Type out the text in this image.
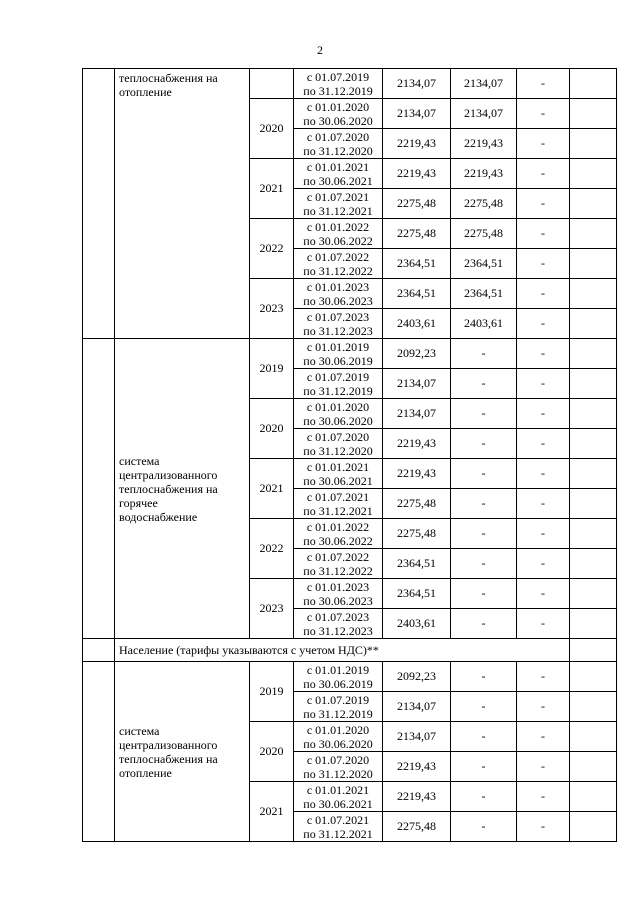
2

	теплоснабжения на
отопление		с 01.07.2019
по 31.12.2019	2134,07	2134,07	-	
		2020	с 01.01.2020
по 30.06.2020	2134,07	2134,07	-	

			с 01.07.2020
по 31.12.2020	2219,43	2219,43	-	
		2021	с 01.01.2021
по 30.06.2021	2219,43	2219,43	-	

			с 01.07.2021
по 31.12.2021	2275,48	2275,48	-	
		2022	с 01.01.2022
по 30.06.2022	2275,48	2275,48	-	

			с 01.07.2022
по 31.12.2022	2364,51	2364,51	-	
		2023	с 01.01.2023
по 30.06.2023	2364,51	2364,51	-	

			с 01.07.2023
по 31.12.2023	2403,61	2403,61	-	

	система
централизованного
теплоснабжения на
горячее
водоснабжение	2019	с 01.01.2019
по 30.06.2019	2092,23	-	-	

			с 01.07.2019
по 31.12.2019	2134,07	-	-	
		2020	с 01.01.2020
по 30.06.2020	2134,07	-	-	

			с 01.07.2020
по 31.12.2020	2219,43	-	-	
		2021	с 01.01.2021
по 30.06.2021	2219,43	-	-	

			с 01.07.2021
по 31.12.2021	2275,48	-	-	
		2022	с 01.01.2022
по 30.06.2022	2275,48	-	-	

			с 01.07.2022
по 31.12.2022	2364,51	-	-	
		2023	с 01.01.2023
по 30.06.2023	2364,51	-	-	

			с 01.07.2023
по 31.12.2023	2403,61	-	-	
	Население (тарифы указываются с учетом НДС)**						

	система
централизованного
теплоснабжения на
отопление	2019	с 01.01.2019
по 30.06.2019	2092,23	-	-	

			с 01.07.2019
по 31.12.2019	2134,07	-	-	
		2020	с 01.01.2020
по 30.06.2020	2134,07	-	-	

			с 01.07.2020
по 31.12.2020	2219,43	-	-	
		2021	с 01.01.2021
по 30.06.2021	2219,43	-	-	

			с 01.07.2021
по 31.12.2021	2275,48	-	-	
